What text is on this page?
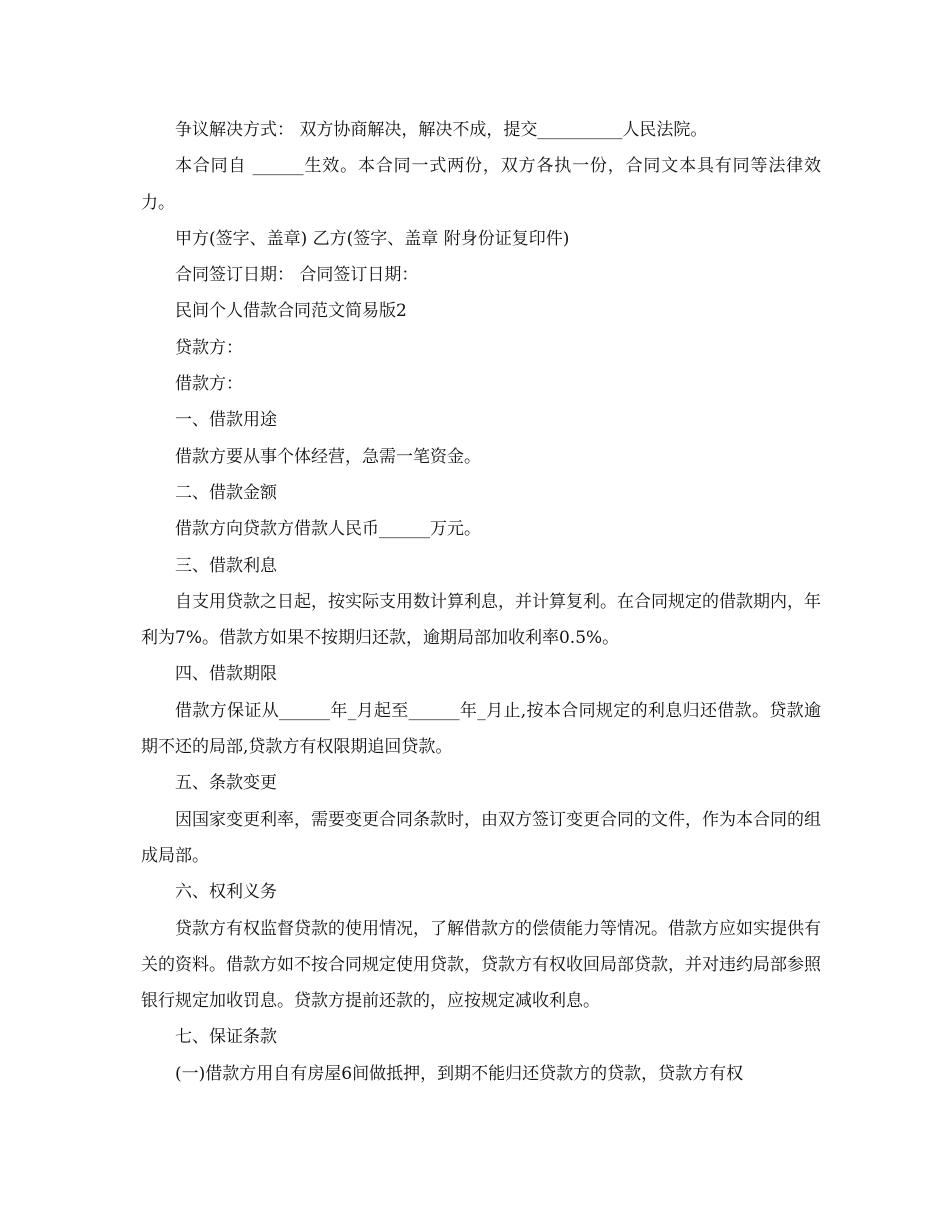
争议解决方式： 双方协商解决，解决不成，提交__________人民法院。

本合同自 ______生效。本合同一式两份，双方各执一份，合同文本具有同等法律效力。

甲方(签字、盖章) 乙方(签字、盖章 附身份证复印件)

合同签订日期： 合同签订日期：

民间个人借款合同范文简易版2

贷款方：

借款方：

一、借款用途

借款方要从事个体经营，急需一笔资金。

二、借款金额

借款方向贷款方借款人民币______万元。

三、借款利息

自支用贷款之日起，按实际支用数计算利息，并计算复利。在合同规定的借款期内，年利为7%。借款方如果不按期归还款，逾期局部加收利率0.5%。

四、借款期限

借款方保证从______年_月起至______年_月止,按本合同规定的利息归还借款。贷款逾期不还的局部,贷款方有权限期追回贷款。

五、条款变更

因国家变更利率，需要变更合同条款时，由双方签订变更合同的文件，作为本合同的组成局部。

六、权利义务

贷款方有权监督贷款的使用情况，了解借款方的偿债能力等情况。借款方应如实提供有关的资料。借款方如不按合同规定使用贷款，贷款方有权收回局部贷款，并对违约局部参照银行规定加收罚息。贷款方提前还款的，应按规定减收利息。

七、保证条款

(一)借款方用自有房屋6间做抵押，到期不能归还贷款方的贷款，贷款方有权
